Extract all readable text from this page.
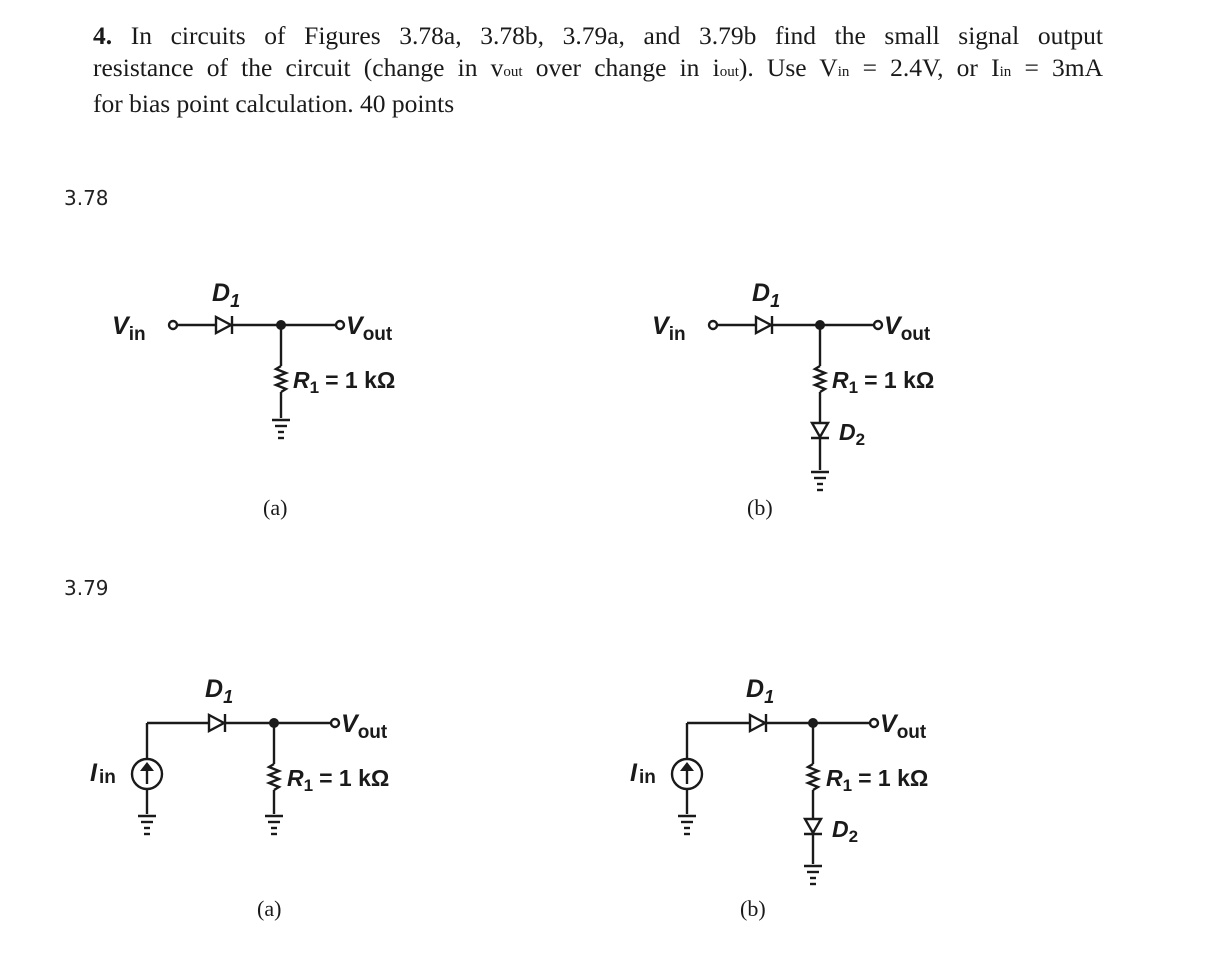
4. In circuits of Figures 3.78a, 3.78b, 3.79a, and 3.79b find the small signal output
resistance of the circuit (change in vout over change in iout). Use Vin = 2.4V, or Iin = 3mA
for bias point calculation. 40 points
3.78
3.79
$V_{in}$
$D_1$
$V_{out}$
$R_1 = 1$ kΩ
(a)
$V_{in}$
$D_1$
$V_{out}$
$R_1 = 1$ kΩ
$D_2$
(b)
I in
$D_1$
$V_{out}$
$R_1 = 1$ kΩ
(a)
I in
$D_1$
$V_{out}$
$R_1 = 1$ kΩ
$D_2$
(b)
